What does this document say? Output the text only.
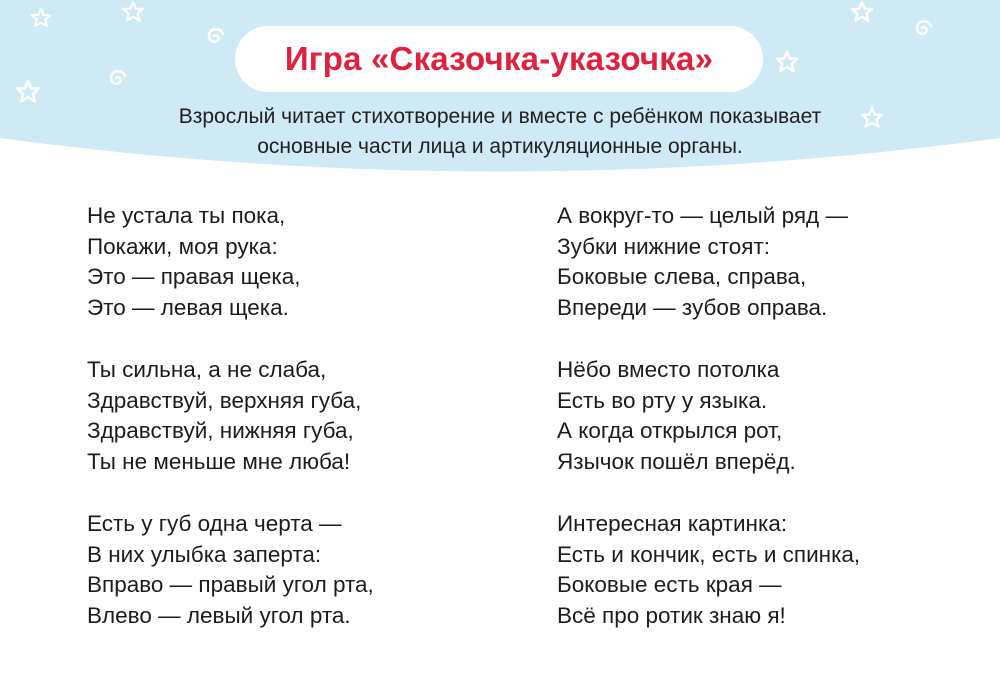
Игра «Сказочка-указочка»
Взрослый читает стихотворение и вместе с ребёнком показывает
основные части лица и артикуляционные органы.
Не устала ты пока,
Покажи, моя рука:
Это — правая щека,
Это — левая щека.
Ты сильна, а не слаба,
Здравствуй, верхняя губа,
Здравствуй, нижняя губа,
Ты не меньше мне люба!
Есть у губ одна черта —
В них улыбка заперта:
Вправо — правый угол рта,
Влево — левый угол рта.
А вокруг-то — целый ряд —
Зубки нижние стоят:
Боковые слева, справа,
Впереди — зубов оправа.
Нёбо вместо потолка
Есть во рту у языка.
А когда открылся рот,
Язычок пошёл вперёд.
Интересная картинка:
Есть и кончик, есть и спинка,
Боковые есть края —
Всё про ротик знаю я!
